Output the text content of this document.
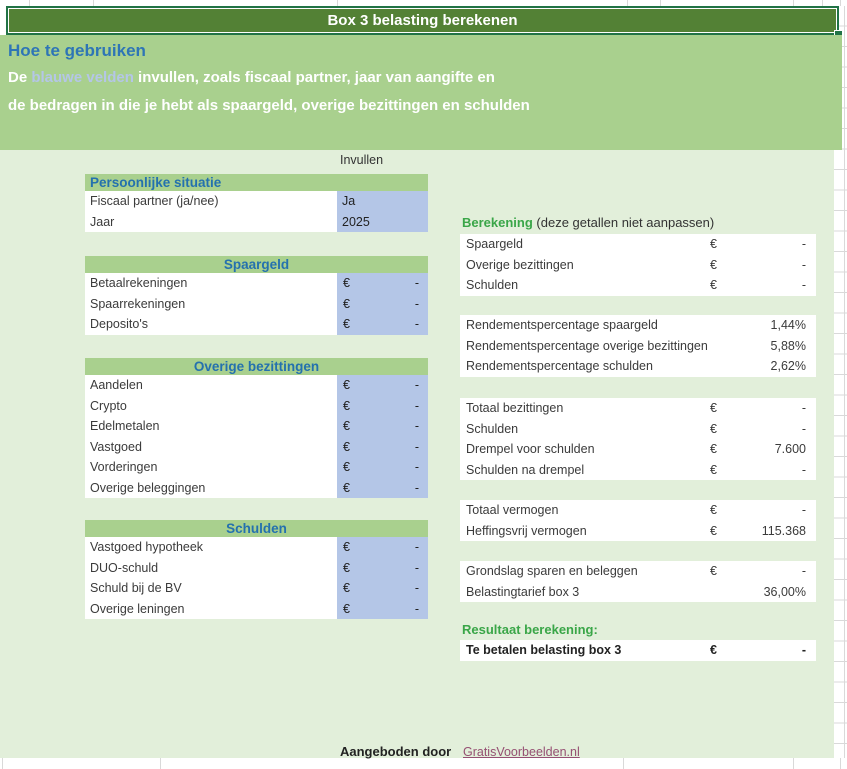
Box 3 belasting berekenen
Hoe te gebruiken
De blauwe velden invullen, zoals fiscaal partner, jaar van aangifte en
de bedragen in die je hebt als spaargeld, overige bezittingen en schulden
Invullen
Persoonlijke situatie
Fiscaal partner (ja/nee)	Ja
Jaar	2025
Spaargeld
Betaalrekeningen	€	-
Spaarrekeningen	€	-
Deposito's	€	-
Overige bezittingen
Aandelen	€	-
Crypto	€	-
Edelmetalen	€	-
Vastgoed	€	-
Vorderingen	€	-
Overige beleggingen	€	-
Schulden
Vastgoed hypotheek	€	-
DUO-schuld	€	-
Schuld bij de BV	€	-
Overige leningen	€	-
Berekening (deze getallen niet aanpassen)
Spaargeld	€	-
Overige bezittingen	€	-
Schulden	€	-
Rendementspercentage spaargeld	1,44%
Rendementspercentage overige bezittingen	5,88%
Rendementspercentage schulden	2,62%
Totaal bezittingen	€	-
Schulden	€	-
Drempel voor schulden	€	7.600
Schulden na drempel	€	-
Totaal vermogen	€	-
Heffingsvrij vermogen	€	115.368
Grondslag sparen en beleggen	€	-
Belastingtarief box 3	36,00%
Resultaat berekening:
Te betalen belasting box 3	€	-
Aangeboden door GratisVoorbeelden.nl
